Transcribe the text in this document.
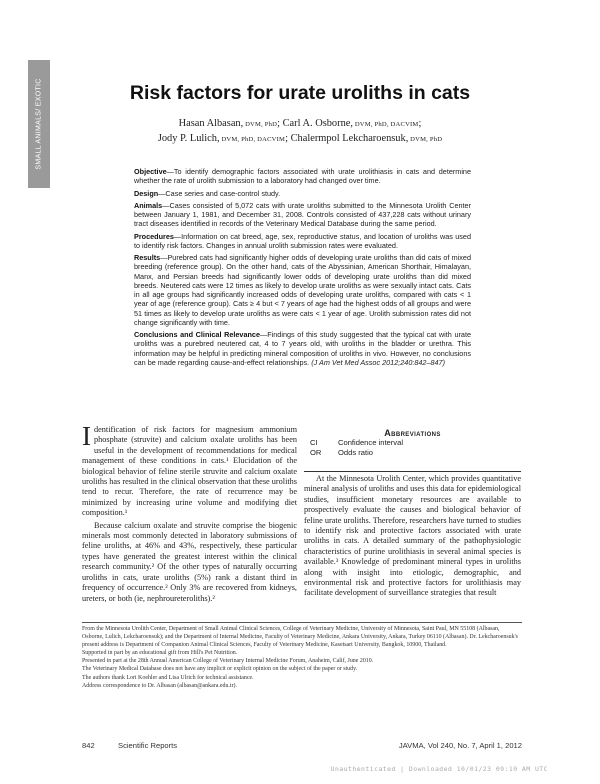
SMALL ANIMALS/ EXOTIC	Risk factors for urate uroliths in cats
Hasan Albasan, DVM, PhD; Carl A. Osborne, DVM, PhD, DACVIM;
Jody P. Lulich, DVM, PhD, DACVIM; Chalermpol Lekcharoensuk, DVM, PhD

Objective—To identify demographic factors associated with urate urolithiasis in cats and determine whether the rate of urolith submission to a laboratory had changed over time.

Design—Case series and case-control study.

Animals—Cases consisted of 5,072 cats with urate uroliths submitted to the Minnesota Urolith Center between January 1, 1981, and December 31, 2008. Controls consisted of 437,228 cats without urinary tract diseases identified in records of the Veterinary Medical Database during the same period.

Procedures—Information on cat breed, age, sex, reproductive status, and location of uroliths was used to identify risk factors. Changes in annual urolith submission rates were evaluated.

Results—Purebred cats had significantly higher odds of developing urate uroliths than did cats of mixed breeding (reference group). On the other hand, cats of the Abyssinian, American Shorthair, Himalayan, Manx, and Persian breeds had significantly lower odds of developing urate uroliths than did mixed breeds. Neutered cats were 12 times as likely to develop urate uroliths as were sexually intact cats. Cats in all age groups had significantly increased odds of developing urate uroliths, compared with cats < 1 year of age (reference group). Cats ≥ 4 but < 7 years of age had the highest odds of all groups and were 51 times as likely to develop urate uroliths as were cats < 1 year of age. Urolith submission rates did not change significantly with time.

Conclusions and Clinical Relevance—Findings of this study suggested that the typical cat with urate uroliths was a purebred neutered cat, 4 to 7 years old, with uroliths in the bladder or urethra. This information may be helpful in predicting mineral composition of uroliths in vivo. However, no conclusions can be made regarding cause-and-effect relationships. (J Am Vet Med Assoc 2012;240:842–847)

Identification of risk factors for magnesium ammonium phosphate (struvite) and calcium oxalate uroliths has been useful in the development of recommendations for medical management of these conditions in cats.¹ Elucidation of the biological behavior of feline sterile struvite and calcium oxalate uroliths has resulted in the clinical observation that these uroliths tend to recur. Therefore, the rate of recurrence may be minimized by increasing urine volume and modifying diet composition.¹

Because calcium oxalate and struvite comprise the biogenic minerals most commonly detected in laboratory submissions of feline uroliths, at 46% and 43%, respectively, these particular types have generated the greatest interest within the clinical research community.² Of the other types of naturally occurring uroliths in cats, urate uroliths (5%) rank a distant third in frequency of occurrence.² Only 3% are recovered from kidneys, ureters, or both (ie, nephroureteroliths).²

Abbreviations
CI	Confidence interval
OR Odds ratio

At the Minnesota Urolith Center, which provides quantitative mineral analysis of uroliths and uses this data for epidemiological studies, insufficient monetary resources are available to prospectively evaluate the causes and biological behavior of feline urate uroliths. Therefore, researchers have turned to studies to identify risk and protective factors associated with urate uroliths in cats. A detailed summary of the pathophysiologic characteristics of purine urolithiasis in several animal species is available.³ Knowledge of predominant mineral types in uroliths along with insight into etiologic, demographic, and environmental risk and protective factors for urolithiasis may facilitate development of surveillance strategies that result

From the Minnesota Urolith Center, Department of Small Animal Clinical Sciences, College of Veterinary Medicine, University of Minnesota, Saint Paul, MN 55108 (Albasan, Osborne, Lulich, Lekcharoensuk); and the Department of Internal Medicine, Faculty of Veterinary Medicine, Ankara University, Ankara, Turkey 06110 (Albasan). Dr. Lekcharoensuk's present address is Department of Companion Animal Clinical Sciences, Faculty of Veterinary Medicine, Kasetsart University, Bangkok, 10900, Thailand.
Supported in part by an educational gift from Hill's Pet Nutrition.
Presented in part at the 28th Annual American College of Veterinary Internal Medicine Forum, Anaheim, Calif, June 2010.
The Veterinary Medical Database does not have any implicit or explicit opinion on the subject of the paper or study.
The authors thank Lori Koehler and Lisa Ulrich for technical assistance.
Address correspondence to Dr. Albasan (albasan@ankara.edu.tr).
842	Scientific Reports	JAVMA, Vol 240, No. 7, April 1, 2012
Unauthenticated | Downloaded 10/01/23 09:10 AM UTC
